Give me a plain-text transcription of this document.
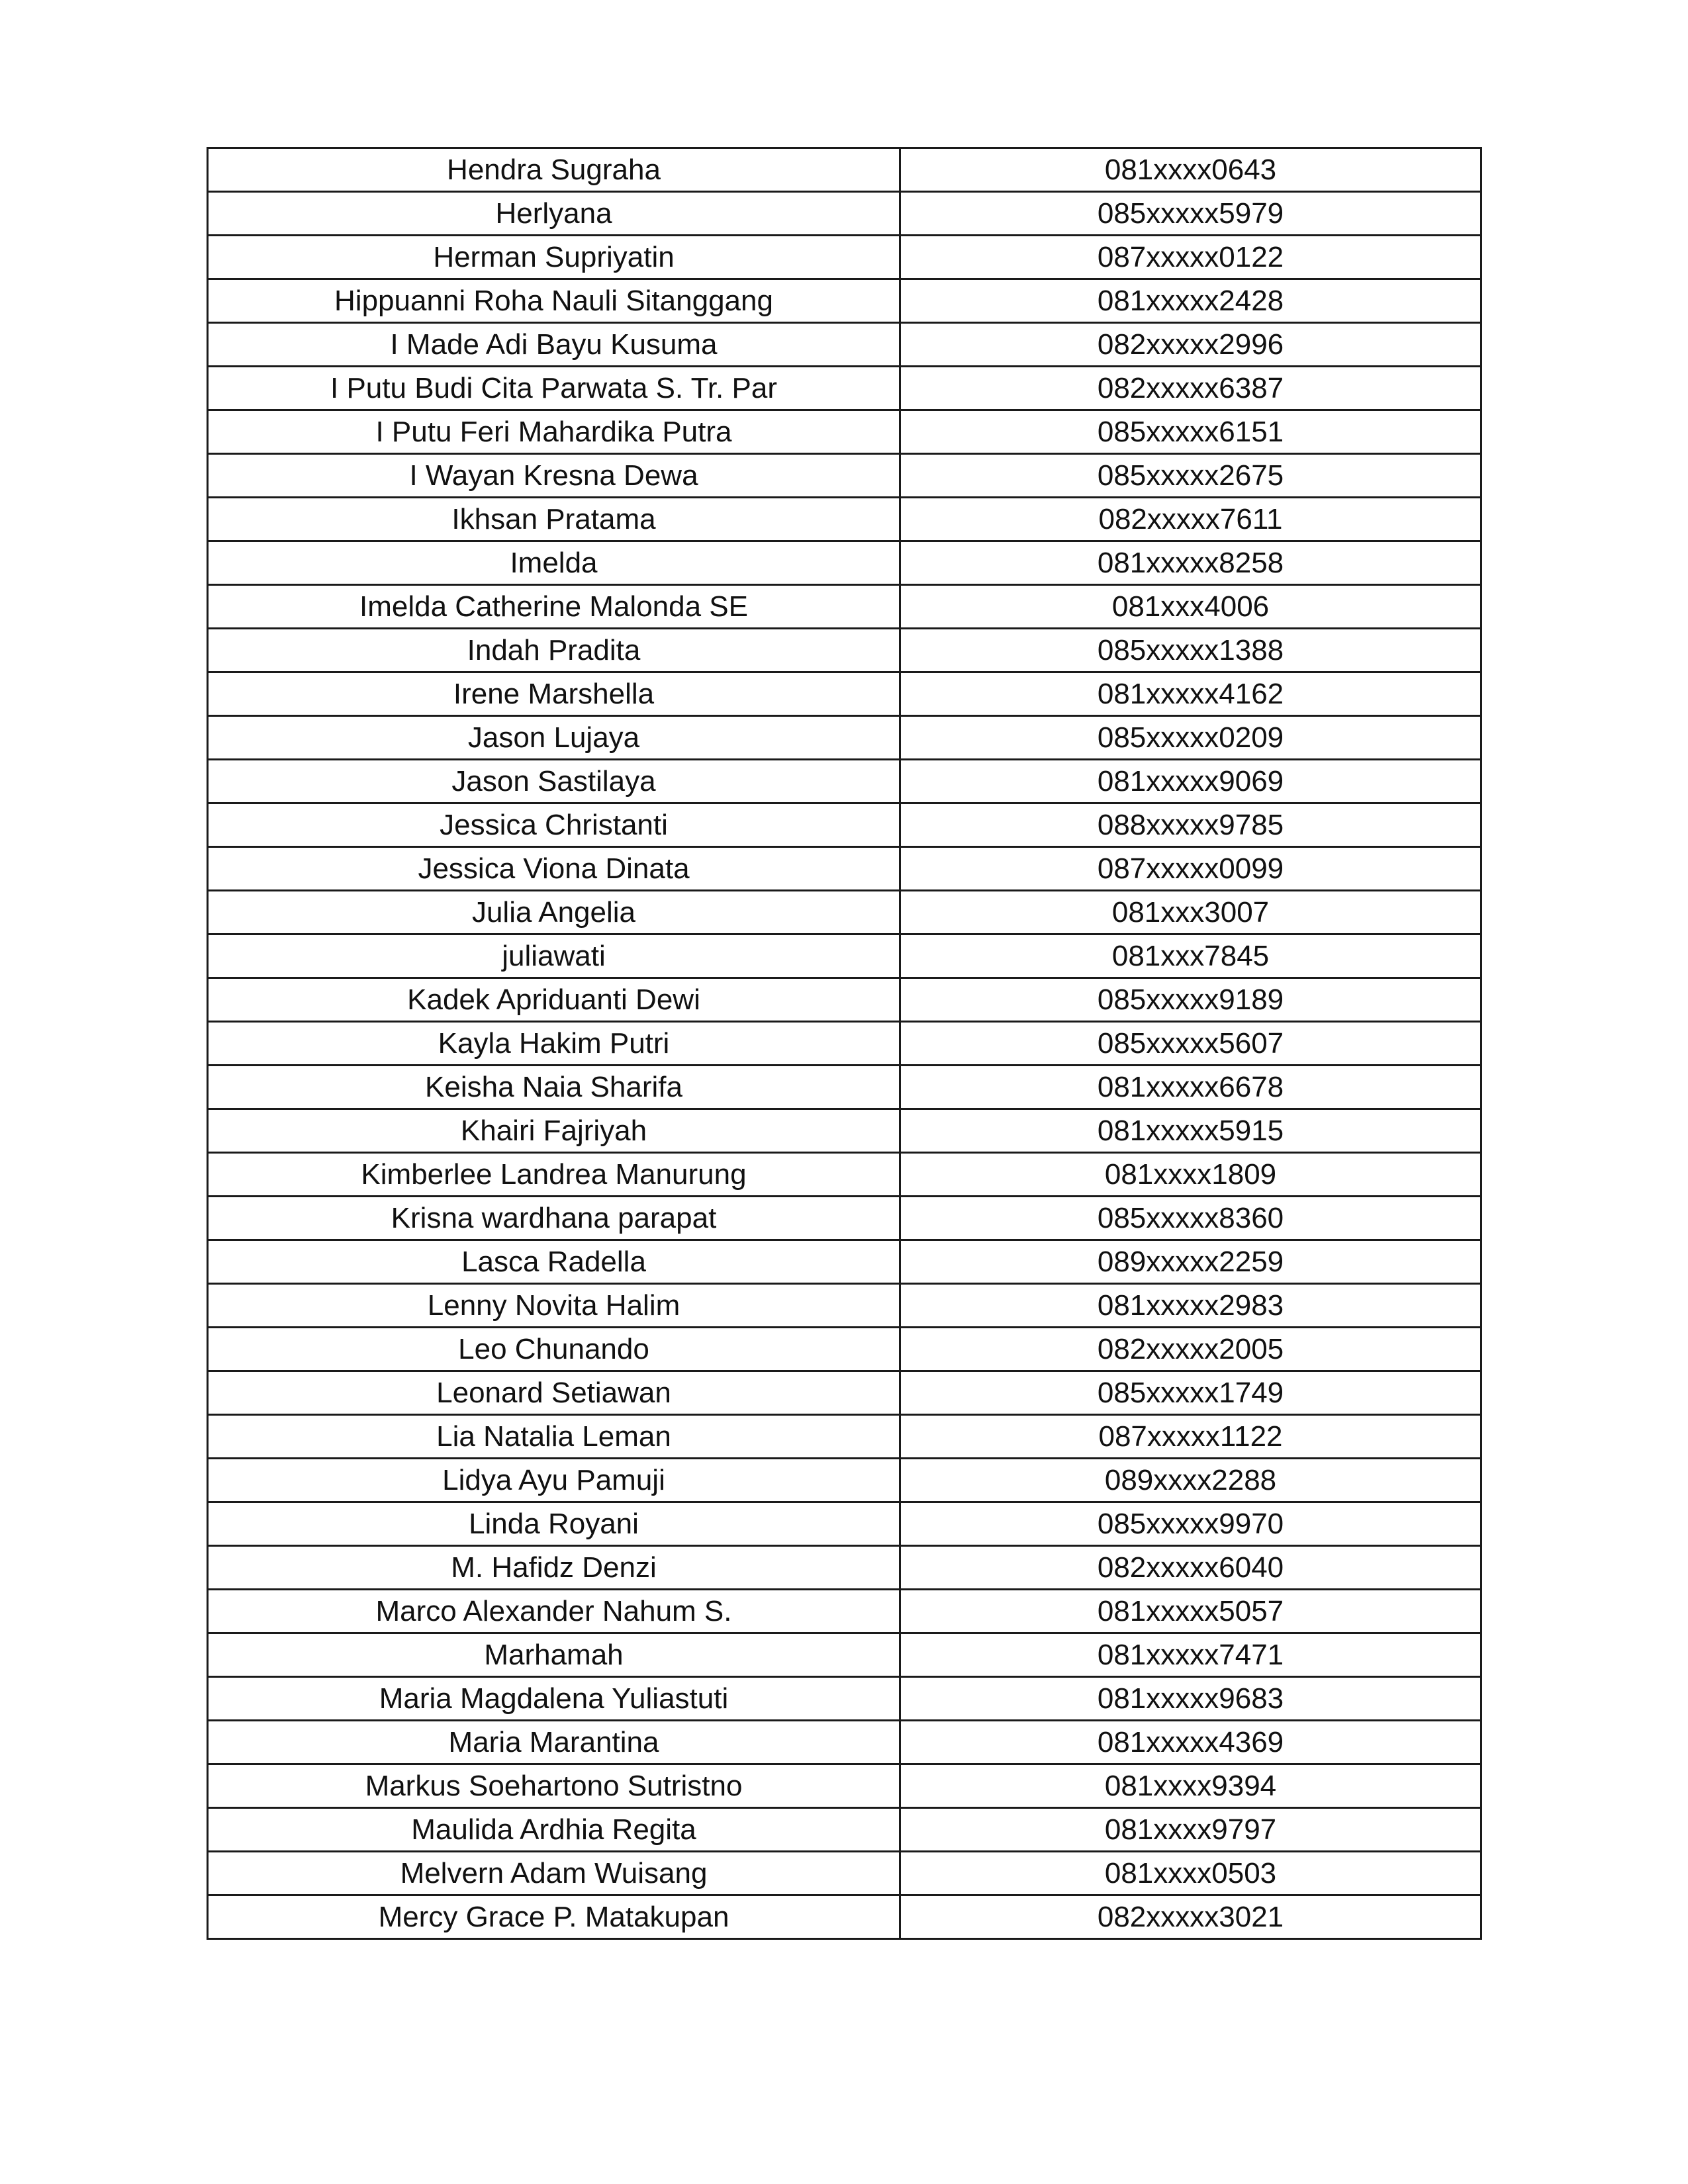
Hendra Sugraha	081xxxx0643
Herlyana	085xxxxx5979
Herman Supriyatin	087xxxxx0122
Hippuanni Roha Nauli Sitanggang	081xxxxx2428
I Made Adi Bayu Kusuma	082xxxxx2996
I Putu Budi Cita Parwata S. Tr. Par	082xxxxx6387
I Putu Feri Mahardika Putra	085xxxxx6151
I Wayan Kresna Dewa	085xxxxx2675
Ikhsan Pratama	082xxxxx7611
Imelda	081xxxxx8258
Imelda Catherine Malonda SE	081xxx4006
Indah Pradita	085xxxxx1388
Irene Marshella	081xxxxx4162
Jason Lujaya	085xxxxx0209
Jason Sastilaya	081xxxxx9069
Jessica Christanti	088xxxxx9785
Jessica Viona Dinata	087xxxxx0099
Julia Angelia	081xxx3007
juliawati	081xxx7845
Kadek Apriduanti Dewi	085xxxxx9189
Kayla Hakim Putri	085xxxxx5607
Keisha Naia Sharifa	081xxxxx6678
Khairi Fajriyah	081xxxxx5915
Kimberlee Landrea Manurung	081xxxx1809
Krisna wardhana parapat	085xxxxx8360
Lasca Radella	089xxxxx2259
Lenny Novita Halim	081xxxxx2983
Leo Chunando	082xxxxx2005
Leonard Setiawan	085xxxxx1749
Lia Natalia Leman	087xxxxx1122
Lidya Ayu Pamuji	089xxxx2288
Linda Royani	085xxxxx9970
M. Hafidz Denzi	082xxxxx6040
Marco Alexander Nahum S.	081xxxxx5057
Marhamah	081xxxxx7471
Maria Magdalena Yuliastuti	081xxxxx9683
Maria Marantina	081xxxxx4369
Markus Soehartono Sutristno	081xxxx9394
Maulida Ardhia Regita	081xxxx9797
Melvern Adam Wuisang	081xxxx0503
Mercy Grace P. Matakupan	082xxxxx3021
